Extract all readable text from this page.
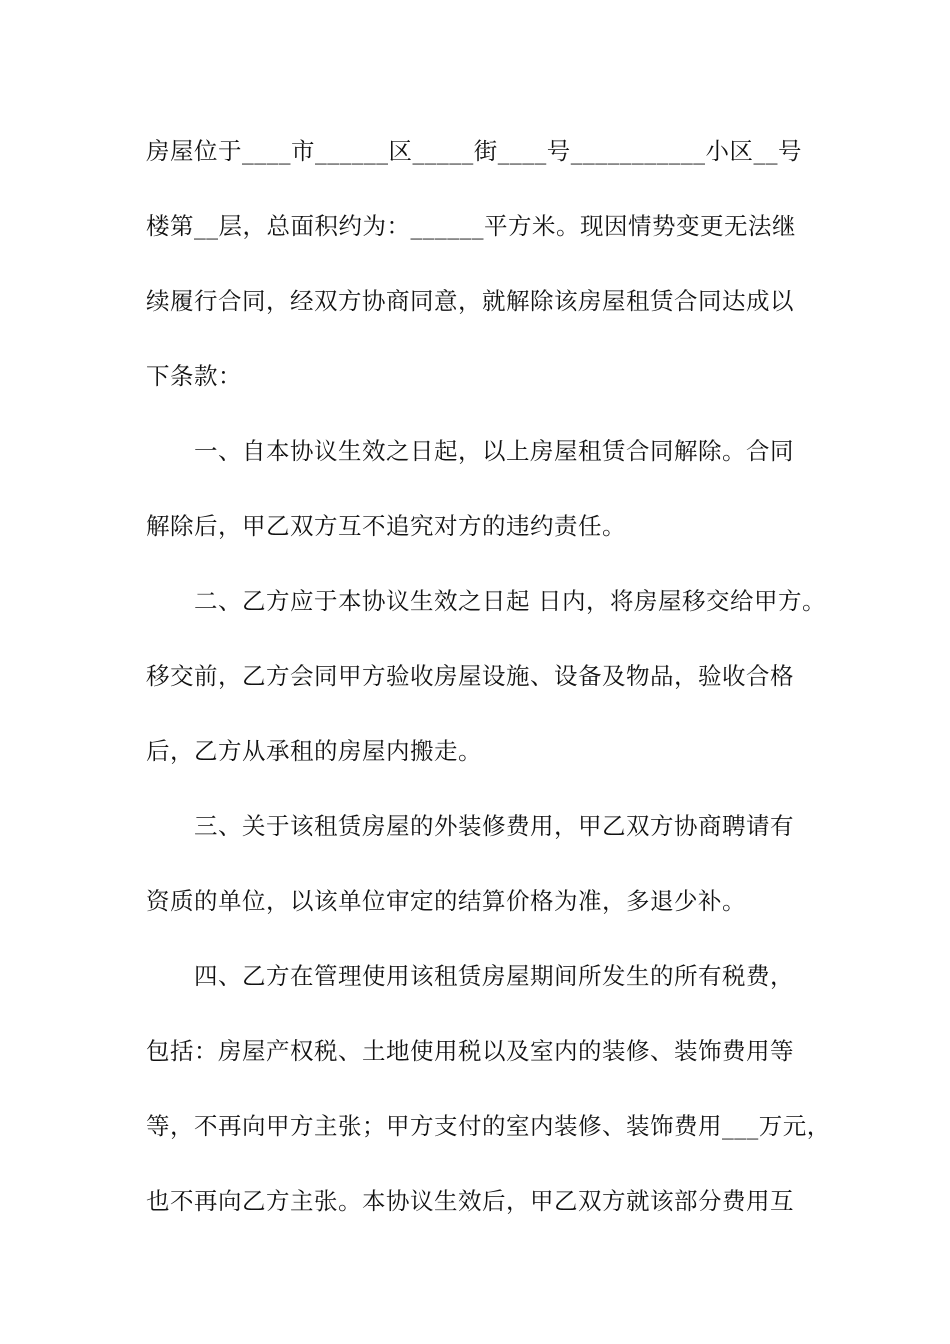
房屋位于____市______区_____街____号___________小区__号
楼第__层，总面积约为：______平方米。现因情势变更无法继
续履行合同，经双方协商同意，就解除该房屋租赁合同达成以
下条款：
一、自本协议生效之日起，以上房屋租赁合同解除。合同
解除后，甲乙双方互不追究对方的违约责任。
二、乙方应于本协议生效之日起 日内，将房屋移交给甲方。
移交前，乙方会同甲方验收房屋设施、设备及物品，验收合格
后，乙方从承租的房屋内搬走。
三、关于该租赁房屋的外装修费用，甲乙双方协商聘请有
资质的单位，以该单位审定的结算价格为准，多退少补。
四、乙方在管理使用该租赁房屋期间所发生的所有税费，
包括：房屋产权税、土地使用税以及室内的装修、装饰费用等
等，不再向甲方主张；甲方支付的室内装修、装饰费用___万元，
也不再向乙方主张。本协议生效后，甲乙双方就该部分费用互
